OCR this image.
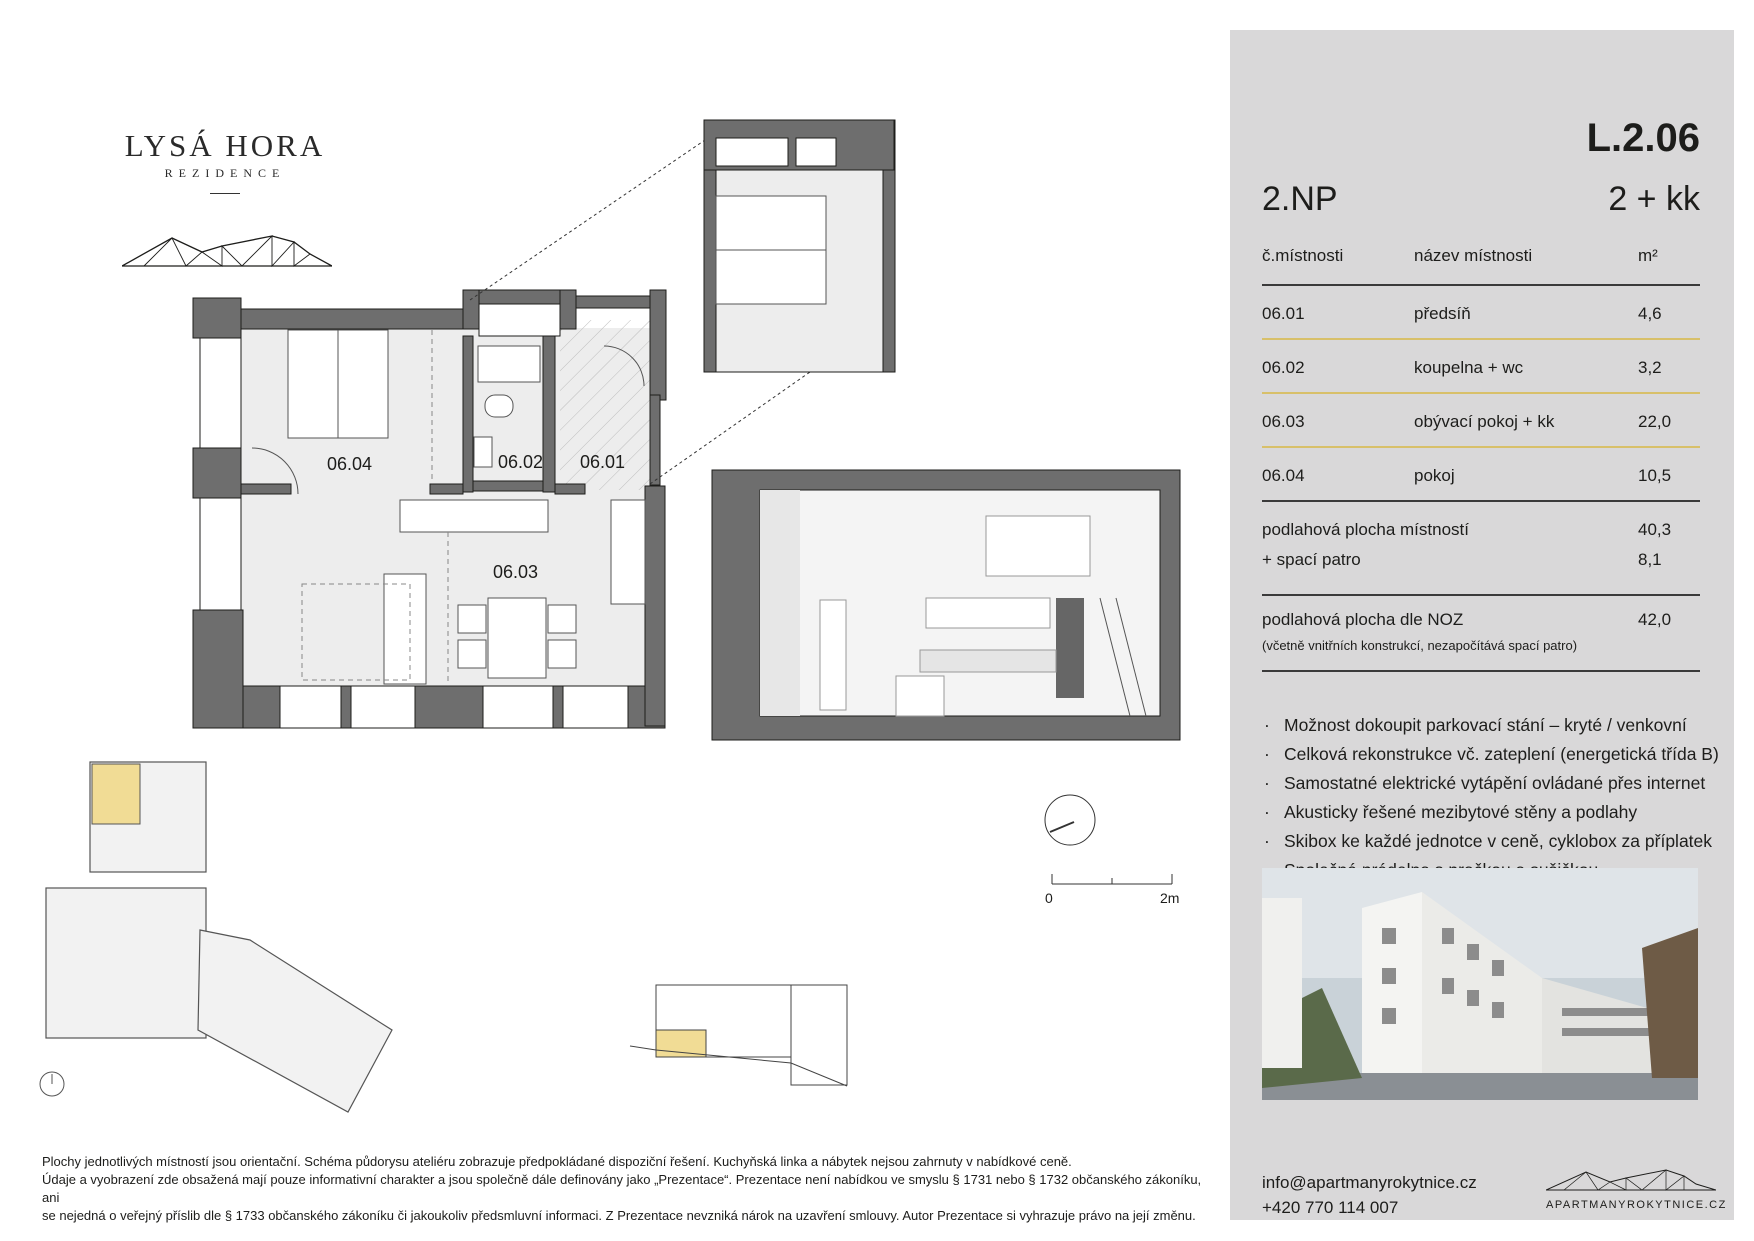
LYSÁ HORA
REZIDENCE
06.04	06.02 06.01
06.03
0	2m
L.2.06
2.NP	2 + kk
č.místnosti	název místnosti	m²
06.01	předsíň	4,6
06.02	koupelna + wc	3,2
06.03	obývací pokoj + kk	22,0
06.04	pokoj	10,5
podlahová plocha místností	40,3
+ spací patro	8,1
podlahová plocha dle NOZ	42,0
(včetně vnitřních konstrukcí, nezapočítává spací patro)
· Možnost dokoupit parkovací stání – kryté / venkovní
· Celková rekonstrukce vč. zateplení (energetická třída B)
· Samostatné elektrické vytápění ovládané přes internet
· Akusticky řešené mezibytové stěny a podlahy
· Skibox ke každé jednotce v ceně, cyklobox za příplatek
·
info@apartmanyrokytnice.cz
+420 770 114 007	APARTMANYROKYTNICE.CZ
Plochy jednotlivých místností jsou orientační. Schéma půdorysu ateliéru zobrazuje předpokládané dispoziční řešení. Kuchyňská linka a nábytek nejsou zahrnuty v nabídkové ceně.
Údaje a vyobrazení zde obsažená mají pouze informativní charakter a jsou společně dále definovány jako „Prezentace“. Prezentace není nabídkou ve smyslu § 1731 nebo § 1732 občanského zákoníku, ani
se nejedná o veřejný příslib dle § 1733 občanského zákoníku či jakoukoliv předsmluvní informaci. Z Prezentace nevzniká nárok na uzavření smlouvy. Autor Prezentace si vyhrazuje právo na její změnu.
